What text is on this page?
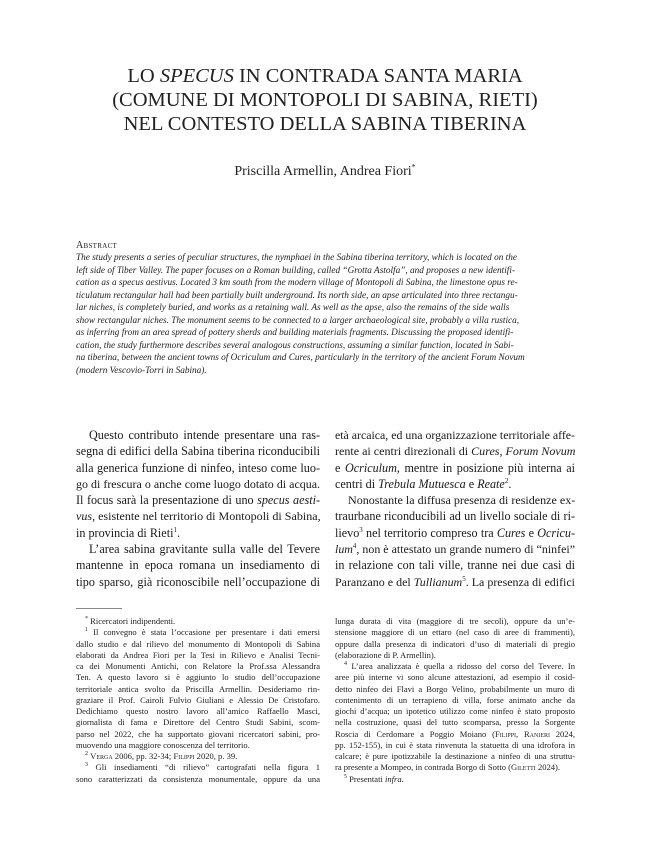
LO SPECUS IN CONTRADA SANTA MARIA
(COMUNE DI MONTOPOLI DI SABINA, RIETI)
NEL CONTESTO DELLA SABINA TIBERINA
Priscilla Armellin, Andrea Fiori*
Abstract
The study presents a series of peculiar structures, the nymphaei in the Sabina tiberina territory, which is located on the
left side of Tiber Valley. The paper focuses on a Roman building, called “Grotta Astolfa”, and proposes a new identifi-
cation as a specus aestivus. Located 3 km south from the modern village of Montopoli di Sabina, the limestone opus re-
ticulatum rectangular hall had been partially built underground. Its north side, an apse articulated into three rectangu-
lar niches, is completely buried, and works as a retaining wall. As well as the apse, also the remains of the side walls
show rectangular niches. The monument seems to be connected to a larger archaeological site, probably a villa rustica,
as inferring from an area spread of pottery sherds and building materials fragments. Discussing the proposed identifi-
cation, the study furthermore describes several analogous constructions, assuming a similar function, located in Sabi-
na tiberina, between the ancient towns of Ocriculum and Cures, particularly in the territory of the ancient Forum Novum
(modern Vescovio-Torri in Sabina).
Questo contributo intende presentare una ras-
segna di edifici della Sabina tiberina riconducibili
alla generica funzione di ninfeo, inteso come luo-
go di frescura o anche come luogo dotato di acqua.
Il focus sarà la presentazione di uno specus aesti-
vus, esistente nel territorio di Montopoli di Sabina,
in provincia di Rieti$^1$.
L’area sabina gravitante sulla valle del Tevere
mantenne in epoca romana un insediamento di
tipo sparso, già riconoscibile nell’occupazione di
età arcaica, ed una organizzazione territoriale affe-
rente ai centri direzionali di Cures, Forum Novum
e Ocriculum, mentre in posizione più interna ai
centri di Trebula Mutuesca e Reate$^2$.
Nonostante la diffusa presenza di residenze ex-
traurbane riconducibili ad un livello sociale di ri-
lievo$^3$ nel territorio compreso tra Cures e Ocricu-
lum$^4$, non è attestato un grande numero di “ninfei”
in relazione con tali ville, tranne nei due casi di
Paranzano e del Tullianum$^5$. La presenza di edifici
* Ricercatori indipendenti.
$^1$ Il convegno è stata l’occasione per presentare i dati emersi
dallo studio e dal rilievo del monumento di Montopoli di Sabina
elaborati da Andrea Fiori per la Tesi in Rilievo e Analisi Tecni-
ca dei Monumenti Antichi, con Relatore la Prof.ssa Alessandra
Ten. A questo lavoro si è aggiunto lo studio dell’occupazione
territoriale antica svolto da Priscilla Armellin. Desideriamo rin-
graziare il Prof. Cairoli Fulvio Giuliani e Alessio De Cristofaro.
Dedichiamo questo nostro lavoro all’amico Raffaello Masci,
giornalista di fama e Direttore del Centro Studi Sabini, scom-
parso nel 2022, che ha supportato giovani ricercatori sabini, pro-
muovendo una maggiore conoscenza del territorio.
$^2$ Verga 2006, pp. 32-34; Filippi 2020, p. 39.
$^3$ Gli insediamenti “di rilievo” cartografati nella figura 1
sono caratterizzati da consistenza monumentale, oppure da una
lunga durata di vita (maggiore di tre secoli), oppure da un’e-
stensione maggiore di un ettaro (nel caso di aree di frammenti),
oppure dalla presenza di indicatori d’uso di materiali di pregio
(elaborazione di P. Armellin).
$^4$ L’area analizzata è quella a ridosso del corso del Tevere. In
aree più interne vi sono alcune attestazioni, ad esempio il cosid-
detto ninfeo dei Flavi a Borgo Velino, probabilmente un muro di
contenimento di un terrapieno di villa, forse animato anche da
giochi d’acqua; un ipotetico utilizzo come ninfeo è stato proposto
nella costruzione, quasi del tutto scomparsa, presso la Sorgente
Roscia di Cerdomare a Poggio Moiano (Filippi, Ranieri 2024,
pp. 152-155), in cui è stata rinvenuta la statuetta di una idrofora in
calcare; è pure ipotizzabile la destinazione a ninfeo di una struttu-
ra presente a Mompeo, in contrada Borgo di Sotto (Giletti 2024).
$^5$ Presentati infra.
